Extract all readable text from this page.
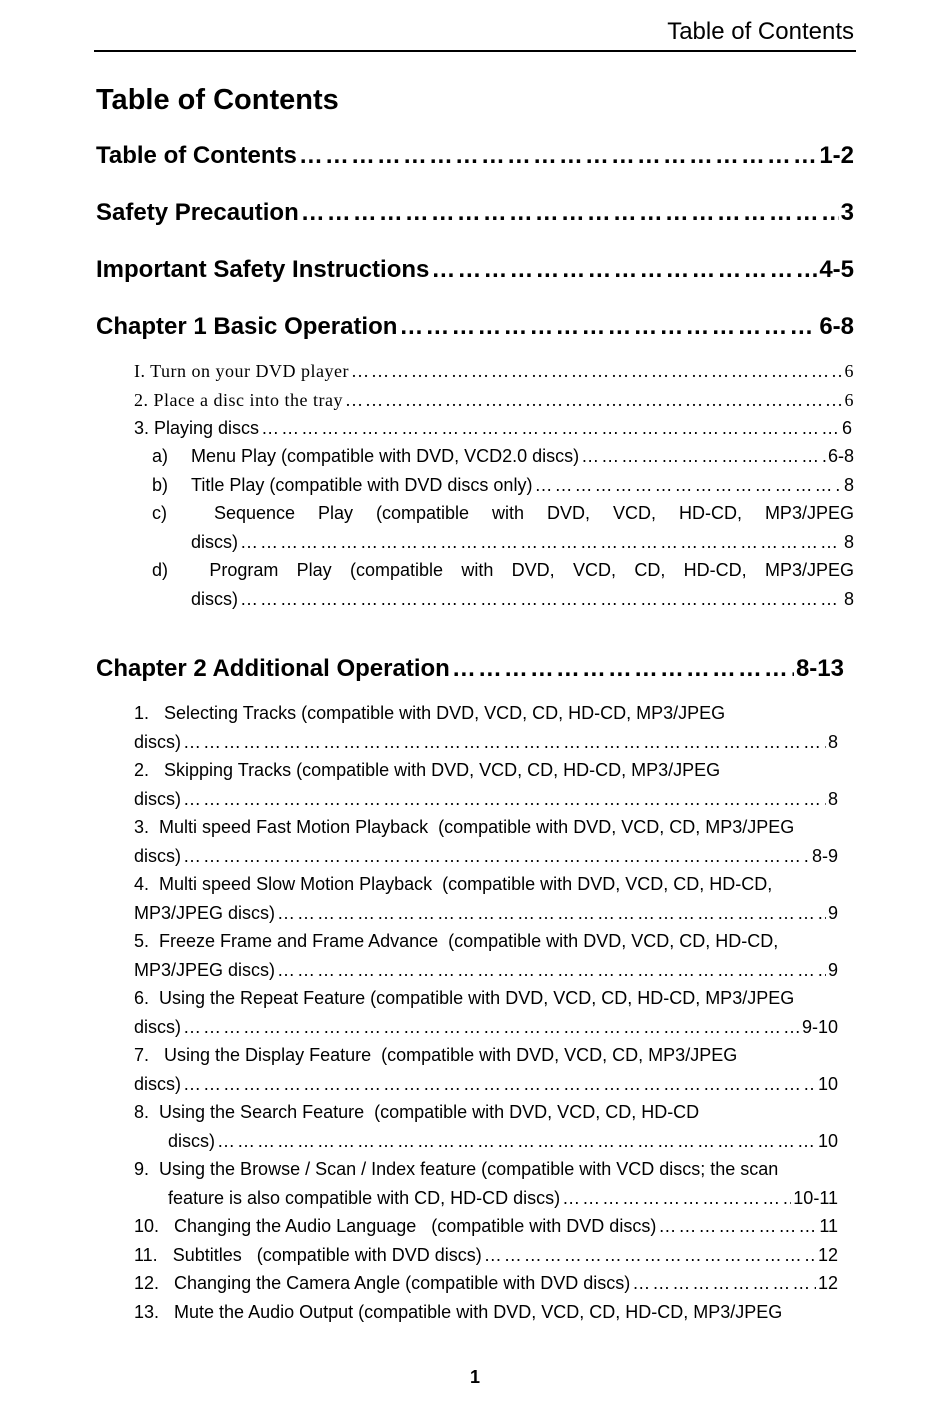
Table of Contents
Table of Contents
Table of Contents …………………………………………………………………………………………………………………………………………………………………	1-2
Safety Precaution …………………………………………………………………………………………………………………………………………………………………	3
Important Safety Instructions …………………………………………………………………………………………………………………………………………………………………	4-5
Chapter 1 Basic Operation …………………………………………………………………………………………………………………………………………………………………	6-8
I. Turn on your DVD player …………………………………………………………………………………………………………………………………………………………………	6
2. Place a disc into the tray …………………………………………………………………………………………………………………………………………………………………	6
3. Playing discs …………………………………………………………………………………………………………………………………………………………………	6
a)	Menu Play (compatible with DVD, VCD2.0 discs) …………………………………………………………………………………………………………………………………………………………………	6-8
b)	Title Play (compatible with DVD discs only) …………………………………………………………………………………………………………………………………………………………………	8
c)	Sequence Play (compatible with DVD, VCD, HD-CD, MP3/JPEG
discs) …………………………………………………………………………………………………………………………………………………………………	8
d)	Program Play (compatible with DVD, VCD, CD, HD-CD, MP3/JPEG
discs) …………………………………………………………………………………………………………………………………………………………………	8
Chapter 2 Additional Operation …………………………………………………………………………………………………………………………………………………………………	8-13
1.   Selecting Tracks (compatible with DVD, VCD, CD, HD-CD, MP3/JPEG
discs) …………………………………………………………………………………………………………………………………………………………………	8
2.   Skipping Tracks (compatible with DVD, VCD, CD, HD-CD, MP3/JPEG
discs) …………………………………………………………………………………………………………………………………………………………………	8
3.  Multi speed Fast Motion Playback  (compatible with DVD, VCD, CD, MP3/JPEG
discs) …………………………………………………………………………………………………………………………………………………………………	8-9
4.  Multi speed Slow Motion Playback  (compatible with DVD, VCD, CD, HD-CD,
MP3/JPEG discs) …………………………………………………………………………………………………………………………………………………………………	9
5.  Freeze Frame and Frame Advance  (compatible with DVD, VCD, CD, HD-CD,
MP3/JPEG discs) …………………………………………………………………………………………………………………………………………………………………	9
6.  Using the Repeat Feature (compatible with DVD, VCD, CD, HD-CD, MP3/JPEG
discs) …………………………………………………………………………………………………………………………………………………………………	9-10
7.   Using the Display Feature  (compatible with DVD, VCD, CD, MP3/JPEG
discs) …………………………………………………………………………………………………………………………………………………………………	10
8.  Using the Search Feature  (compatible with DVD, VCD, CD, HD-CD
discs) …………………………………………………………………………………………………………………………………………………………………	10
9.  Using the Browse / Scan / Index feature (compatible with VCD discs; the scan
feature is also compatible with CD, HD-CD discs) …………………………………………………………………………………………………………………………………………………………………	10-11
10.   Changing the Audio Language   (compatible with DVD discs) …………………………………………………………………………………………………………………………………………………………………	11
11.   Subtitles   (compatible with DVD discs) …………………………………………………………………………………………………………………………………………………………………	12
12.   Changing the Camera Angle (compatible with DVD discs) …………………………………………………………………………………………………………………………………………………………………	12
13.   Mute the Audio Output (compatible with DVD, VCD, CD, HD-CD, MP3/JPEG
1
